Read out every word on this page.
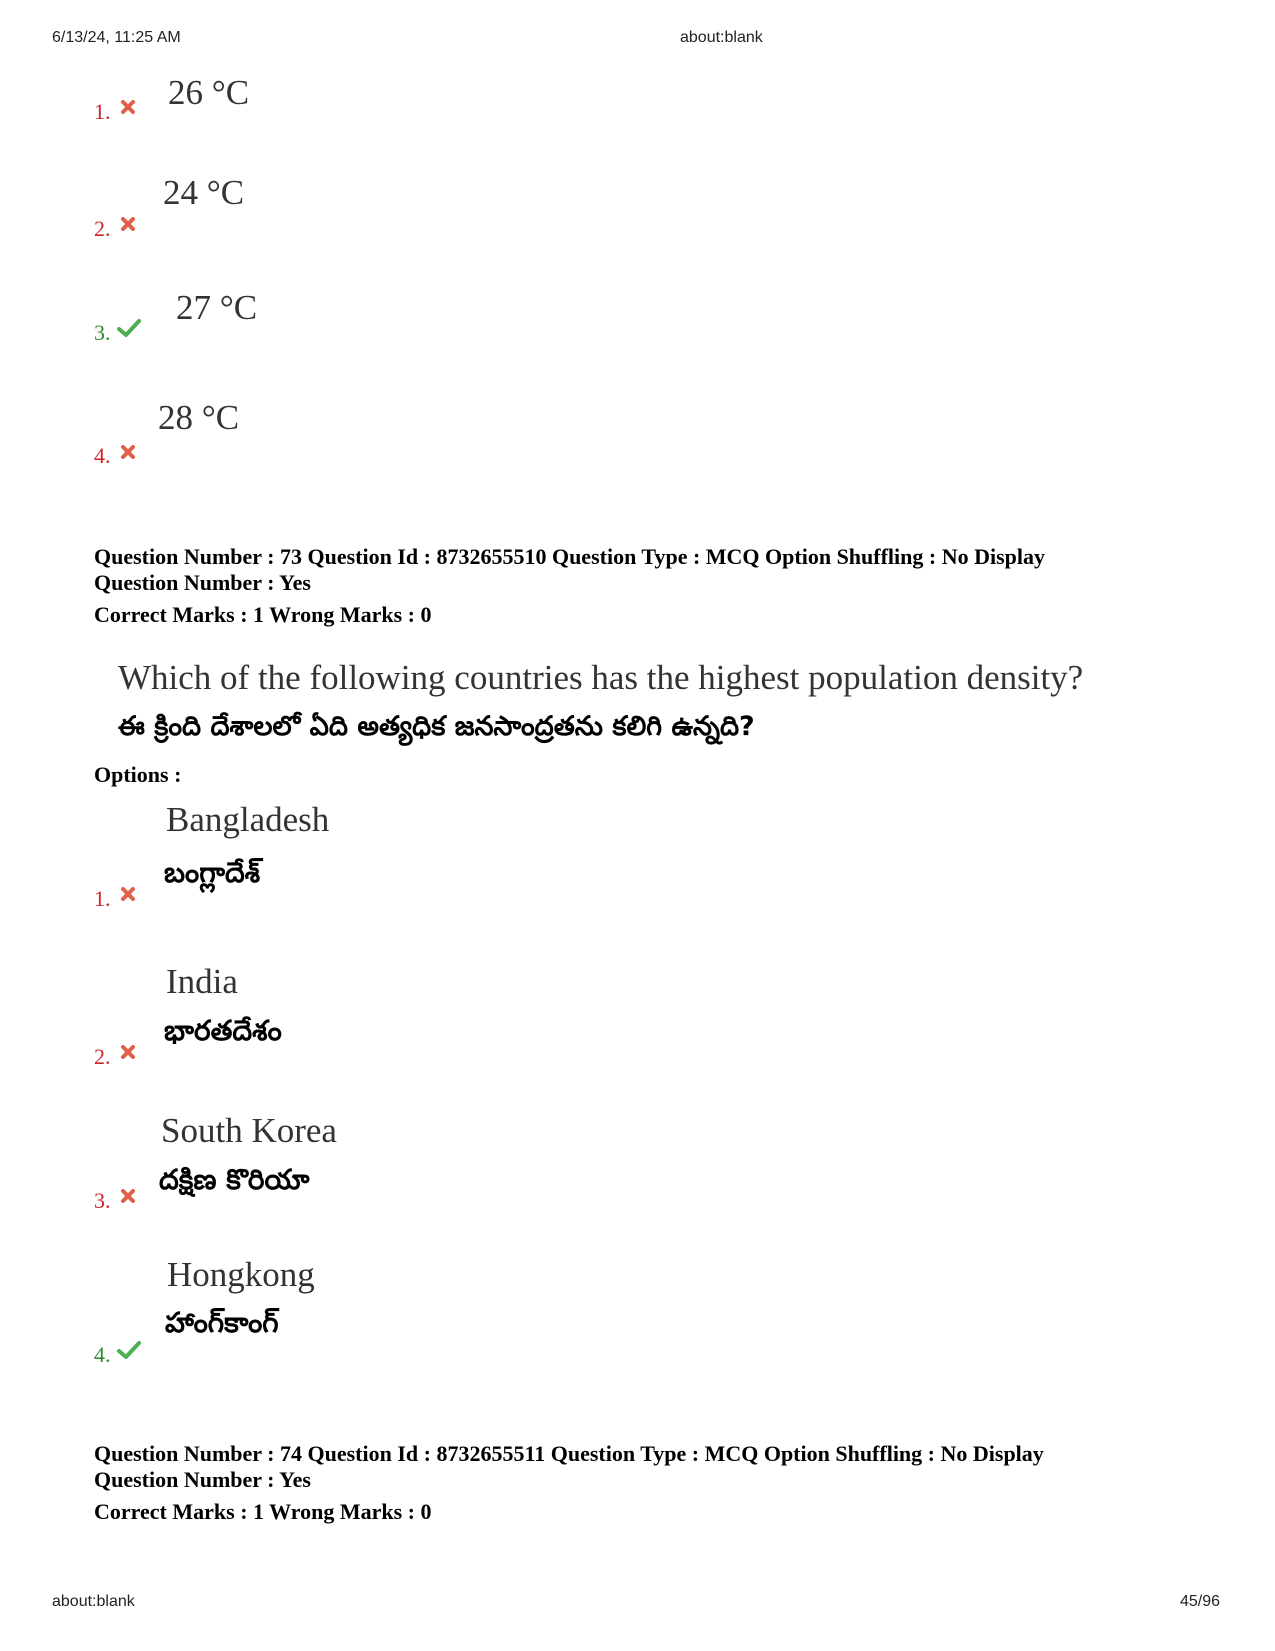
6/13/24, 11:25 AM	about:blank
1. 26 °C
2.
24 °C
3.
27 °C
4.
28 °C
Question Number : 73 Question Id : 8732655510 Question Type : MCQ Option Shuffling : No Display
Question Number : Yes
Correct Marks : 1 Wrong Marks : 0
Which of the following countries has the highest population density?
ఈ క్రింది దేశాలలో ఏది అత్యధిక జనసాంద్రతను కలిగి ఉన్నది?
Options :
Bangladesh
బంగ్లాదేశ్
1.
India
భారతదేశం
2.
South Korea
దక్షిణ కొరియా
3.
Hongkong
హాంగ్‌కాంగ్
4.
Question Number : 74 Question Id : 8732655511 Question Type : MCQ Option Shuffling : No Display
Question Number : Yes
Correct Marks : 1 Wrong Marks : 0
about:blank	45/96
